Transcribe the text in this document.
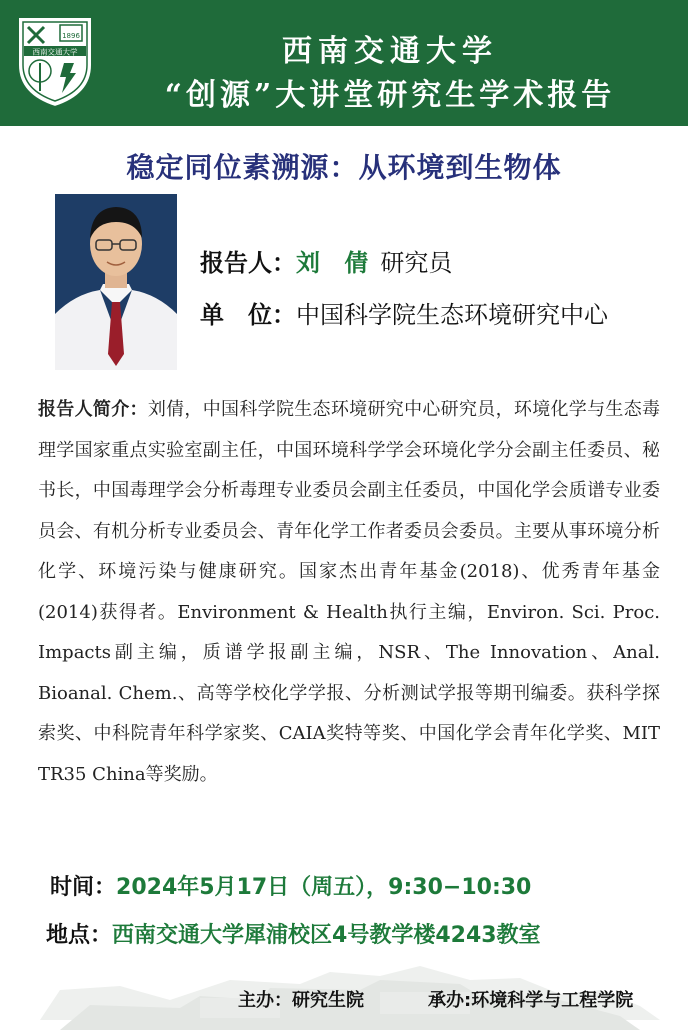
1896
西南交通大学	西南交通大学
“创源”大讲堂研究生学术报告
稳定同位素溯源：从环境到生物体
报告人：刘 倩 研究员
单　位：中国科学院生态环境研究中心
报告人简介：刘倩，中国科学院生态环境研究中心研究员，环境化学与生态毒理学国家重点实验室副主任，中国环境科学学会环境化学分会副主任委员、秘书长，中国毒理学会分析毒理专业委员会副主任委员，中国化学会质谱专业委员会、有机分析专业委员会、青年化学工作者委员会委员。主要从事环境分析化学、环境污染与健康研究。国家杰出青年基金(2018)、优秀青年基金(2014)获得者。Environment & Health执行主编，Environ. Sci. Proc. Impacts副主编，质谱学报副主编，NSR、The Innovation、Anal. Bioanal. Chem.、高等学校化学学报、分析测试学报等期刊编委。获科学探索奖、中科院青年科学家奖、CAIA奖特等奖、中国化学会青年化学奖、MIT TR35 China等奖励。
时间：2024年5月17日（周五），9:30−10:30
地点：西南交通大学犀浦校区4号教学楼4243教室
主办：研究生院	承办:环境科学与工程学院
